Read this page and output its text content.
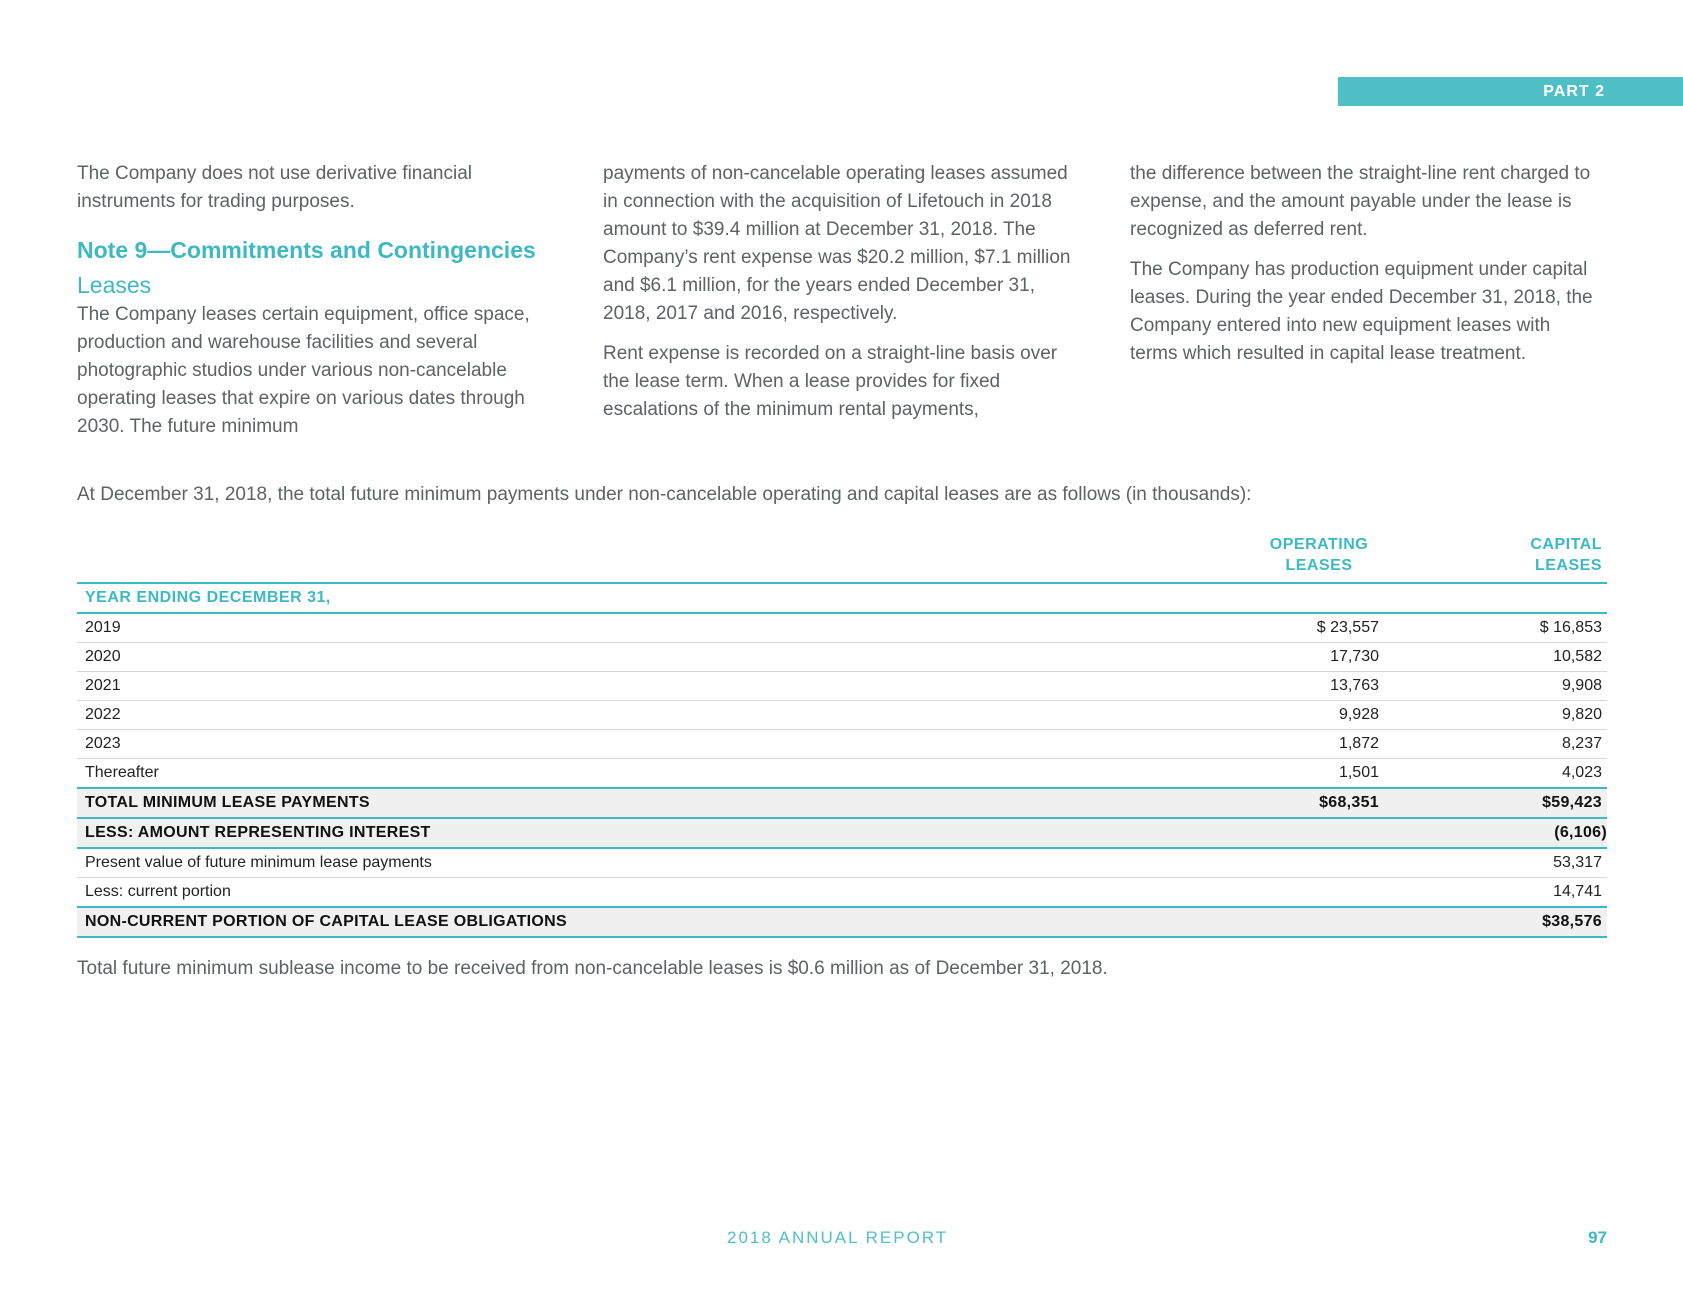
PART 2

The Company does not use derivative financial instruments for trading purposes.

Note 9—Commitments and Contingencies
Leases

The Company leases certain equipment, office space, production and warehouse facilities and several photographic studios under various non-cancelable operating leases that expire on various dates through 2030. The future minimum

payments of non-cancelable operating leases assumed in connection with the acquisition of Lifetouch in 2018 amount to $39.4 million at December 31, 2018. The Company’s rent expense was $20.2 million, $7.1 million and $6.1 million, for the years ended December 31, 2018, 2017 and 2016, respectively.

Rent expense is recorded on a straight-line basis over the lease term. When a lease provides for fixed escalations of the minimum rental payments,

the difference between the straight-line rent charged to expense, and the amount payable under the lease is recognized as deferred rent.

The Company has production equipment under capital leases. During the year ended December 31, 2018, the Company entered into new equipment leases with terms which resulted in capital lease treatment.

At December 31, 2018, the total future minimum payments under non-cancelable operating and capital leases are as follows (in thousands):

	OPERATING LEASES	CAPITAL LEASES

YEAR ENDING DECEMBER 31,		
2019	$ 23,557	$ 16,853
2020	17,730	10,582
2021	13,763	9,908
2022	9,928	9,820
2023	1,872	8,237
Thereafter	1,501	4,023
TOTAL MINIMUM LEASE PAYMENTS	$68,351	$59,423
LESS: AMOUNT REPRESENTING INTEREST		(6,106)
Present value of future minimum lease payments		53,317
Less: current portion		14,741
NON-CURRENT PORTION OF CAPITAL LEASE OBLIGATIONS		$38,576
Total future minimum sublease income to be received from non-cancelable leases is $0.6 million as of December 31, 2018.
2018 ANNUAL REPORT	97
